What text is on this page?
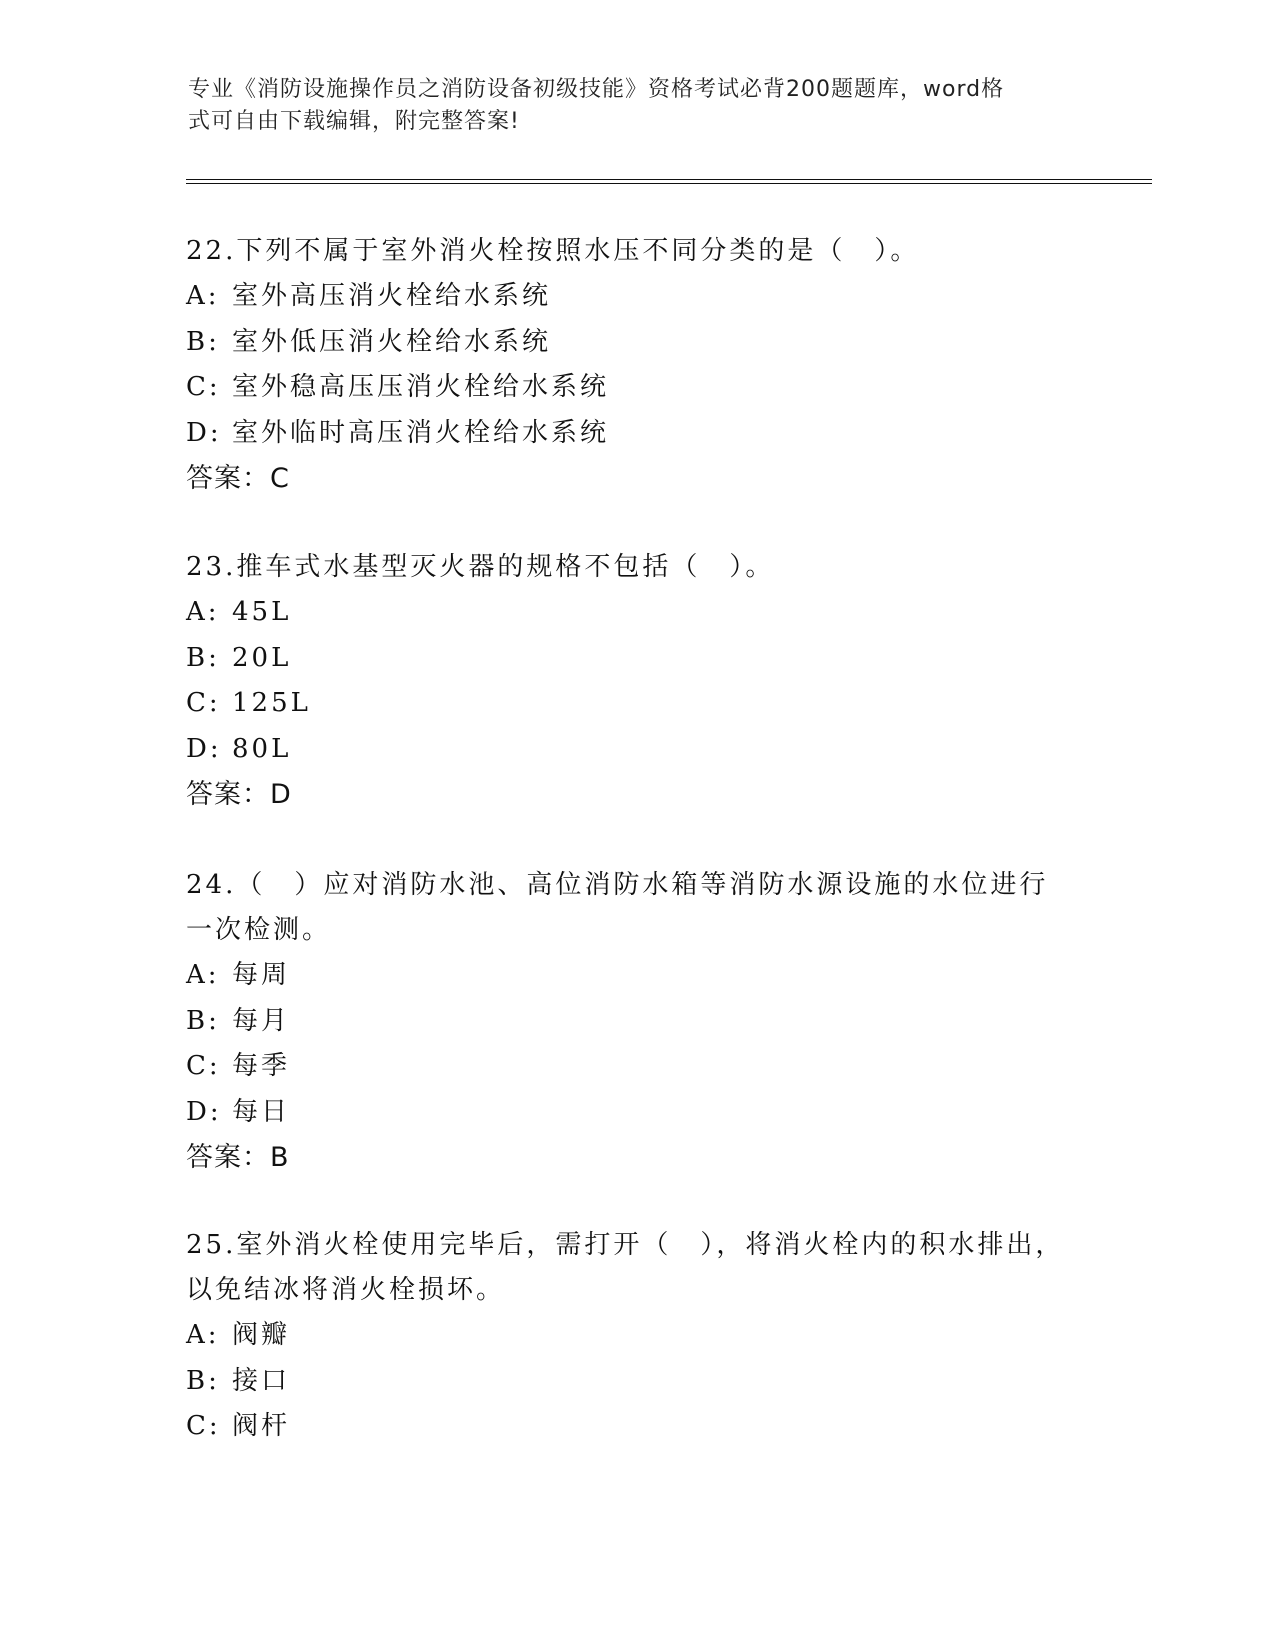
专业《消防设施操作员之消防设备初级技能》资格考试必背200题题库，word格
式可自由下载编辑，附完整答案!

22.下列不属于室外消火栓按照水压不同分类的是（　）。

A: 室外高压消火栓给水系统

B: 室外低压消火栓给水系统

C: 室外稳高压压消火栓给水系统

D: 室外临时高压消火栓给水系统

答案：C

23.推车式水基型灭火器的规格不包括（　）。

A: 45L

B: 20L

C: 125L

D: 80L

答案：D

24.（　）应对消防水池、高位消防水箱等消防水源设施的水位进行一次检测。

A: 每周

B: 每月

C: 每季

D: 每日

答案：B

25.室外消火栓使用完毕后，需打开（　），将消火栓内的积水排出，以免结冰将消火栓损坏。

A: 阀瓣

B: 接口

C: 阀杆
